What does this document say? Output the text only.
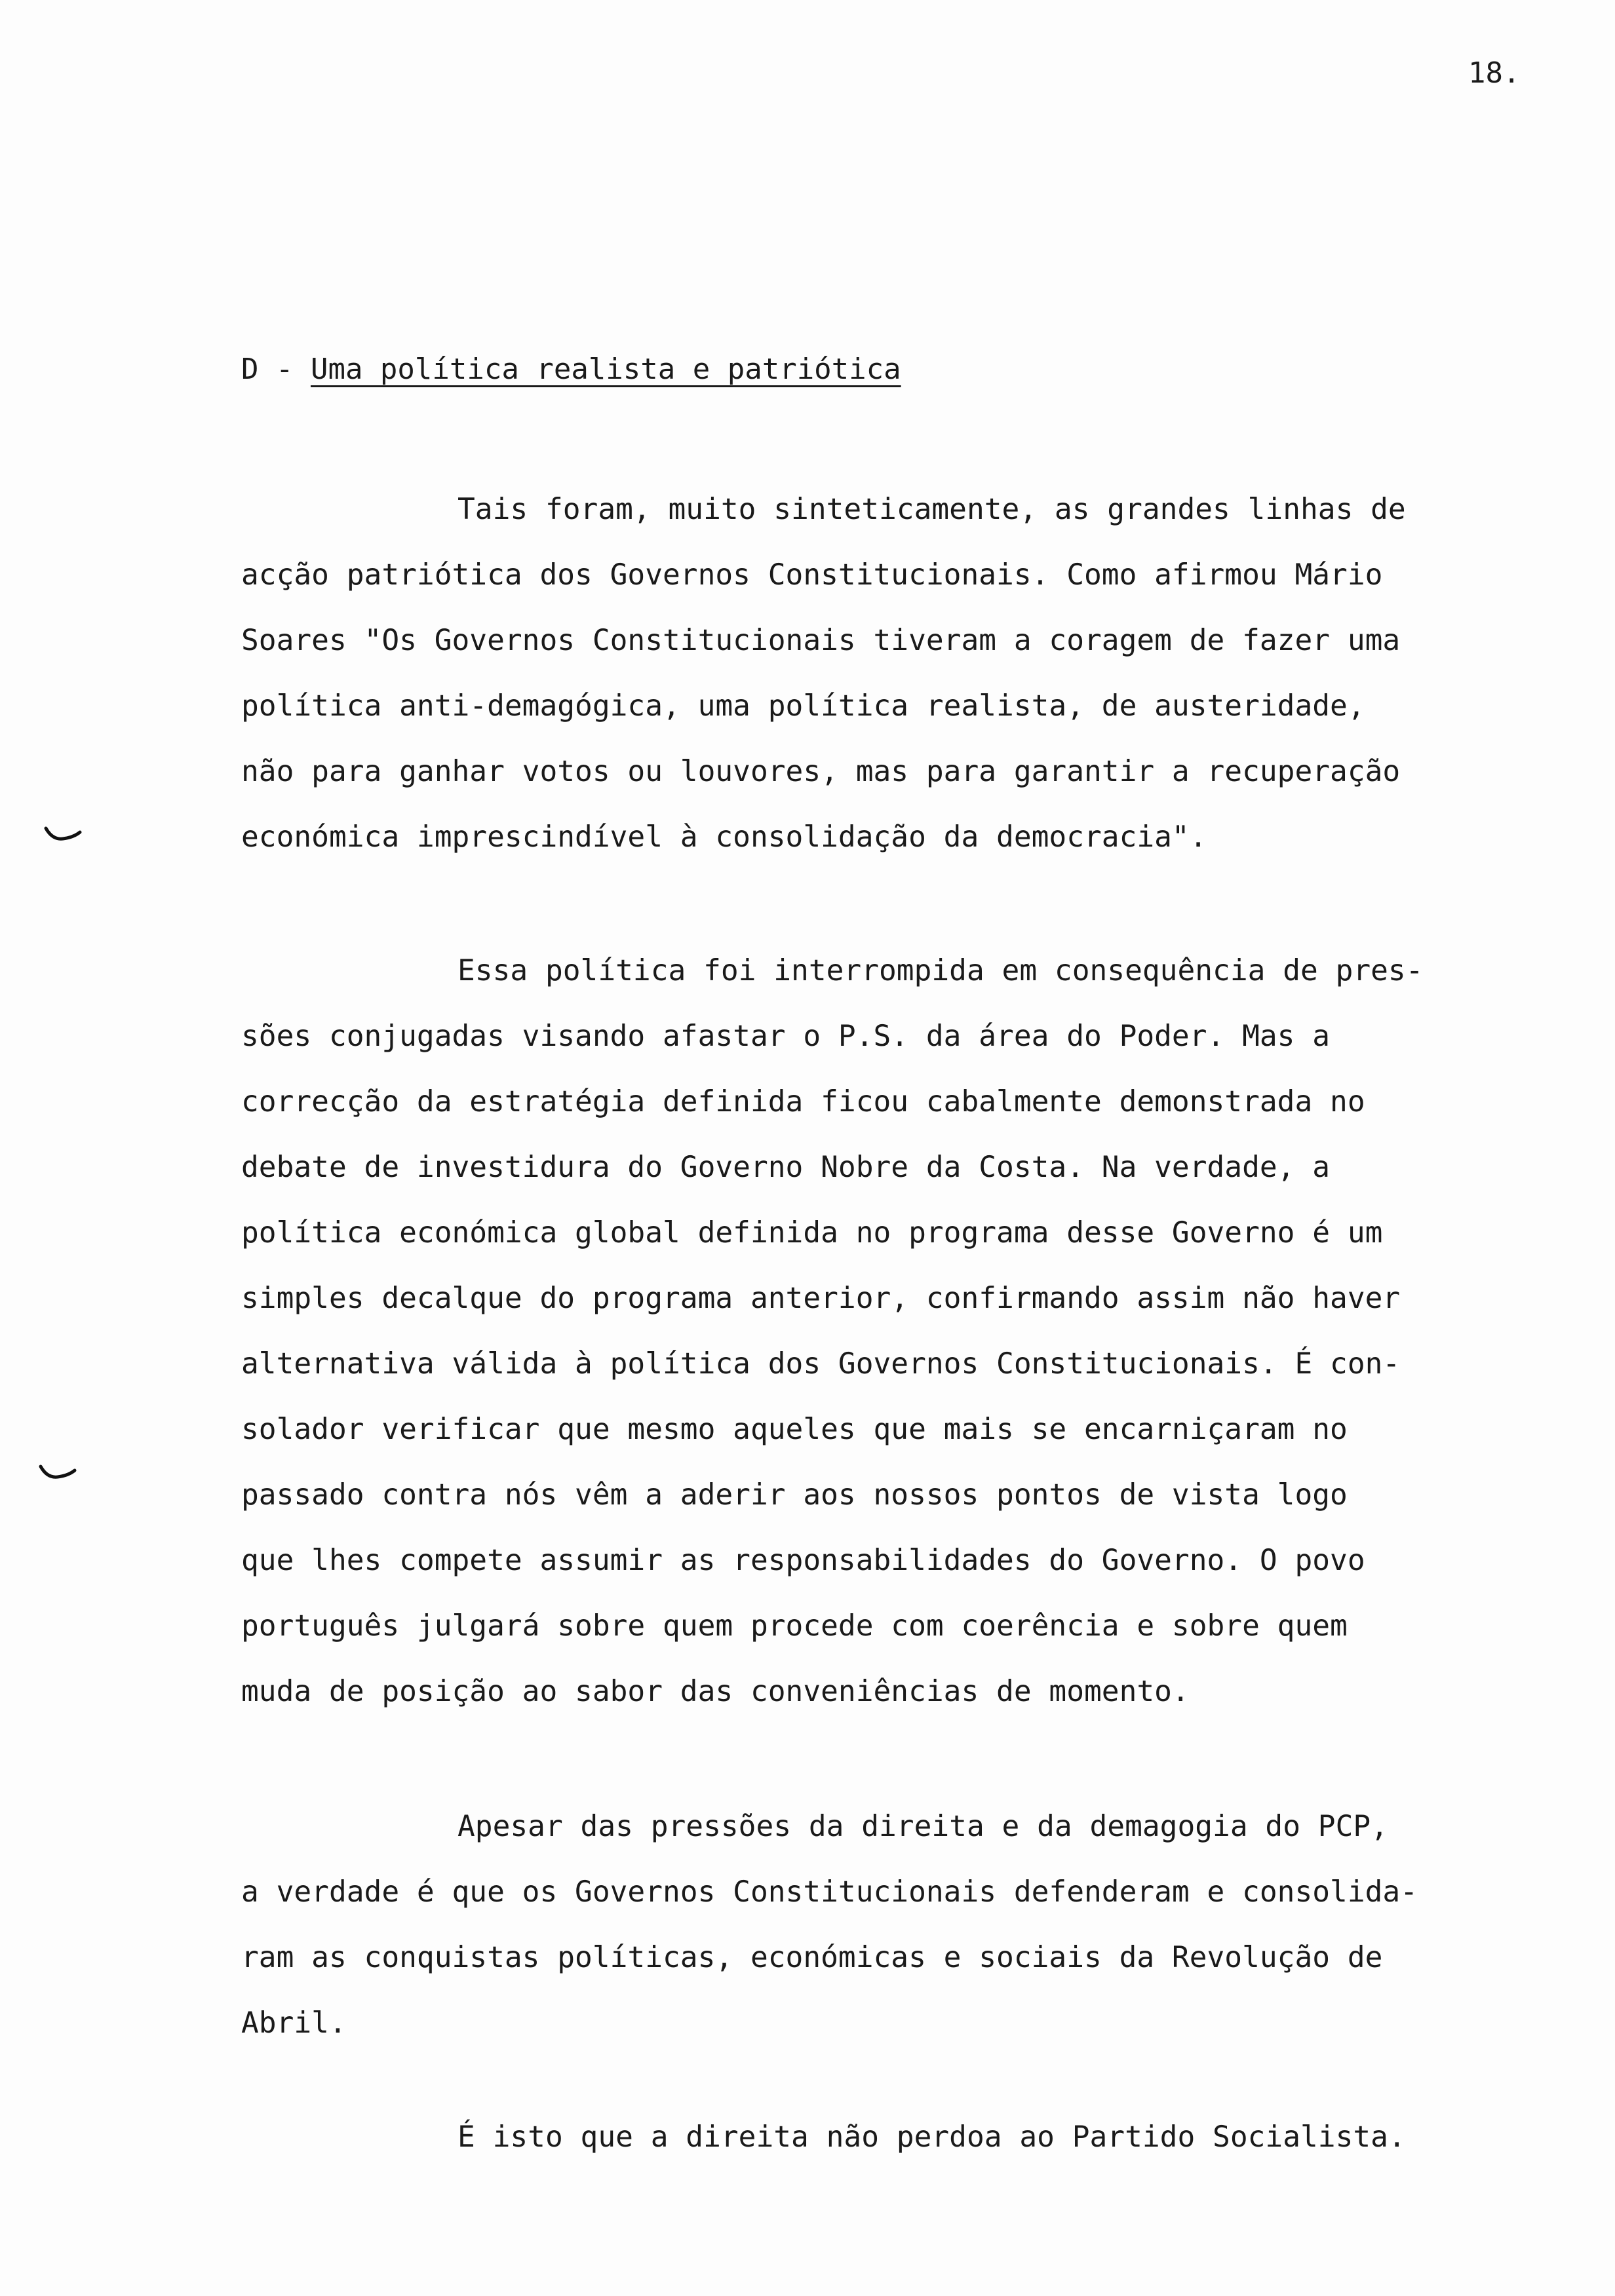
18.
D - Uma política realista e patriótica
Tais foram, muito sinteticamente, as grandes linhas de
acção patriótica dos Governos Constitucionais. Como afirmou Mário
Soares "Os Governos Constitucionais tiveram a coragem de fazer uma
política anti-demagógica, uma política realista, de austeridade,
não para ganhar votos ou louvores, mas para garantir a recuperação
económica imprescindível à consolidação da democracia".
Essa política foi interrompida em consequência de pres-
sões conjugadas visando afastar o P.S. da área do Poder. Mas a
correcção da estratégia definida ficou cabalmente demonstrada no
debate de investidura do Governo Nobre da Costa. Na verdade, a
política económica global definida no programa desse Governo é um
simples decalque do programa anterior, confirmando assim não haver
alternativa válida à política dos Governos Constitucionais. É con-
solador verificar que mesmo aqueles que mais se encarniçaram no
passado contra nós vêm a aderir aos nossos pontos de vista logo
que lhes compete assumir as responsabilidades do Governo. O povo
português julgará sobre quem procede com coerência e sobre quem
muda de posição ao sabor das conveniências de momento.
Apesar das pressões da direita e da demagogia do PCP,
a verdade é que os Governos Constitucionais defenderam e consolida-
ram as conquistas políticas, económicas e sociais da Revolução de
Abril.
É isto que a direita não perdoa ao Partido Socialista.
